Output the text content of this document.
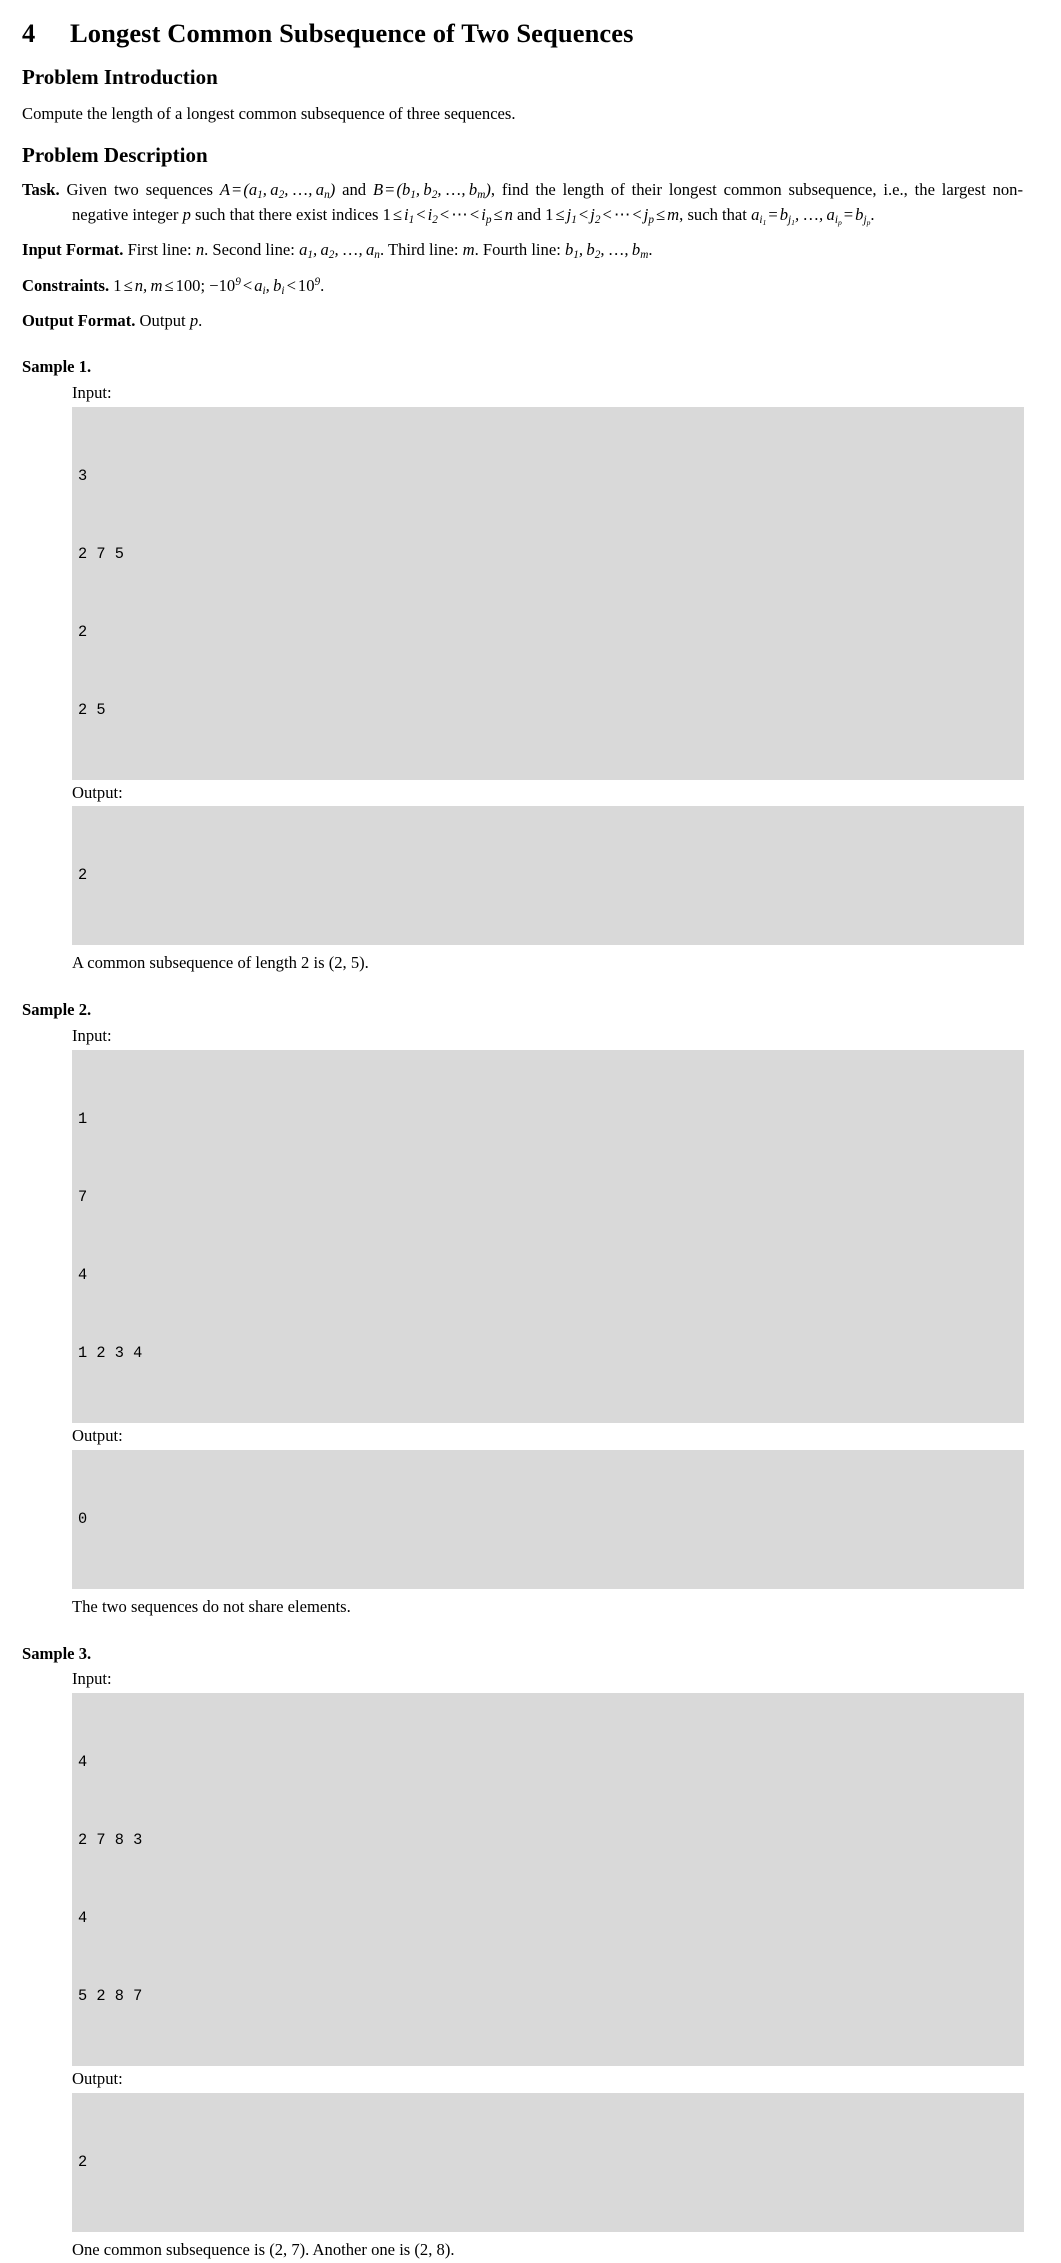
4	Longest Common Subsequence of Two Sequences
Problem Introduction

Compute the length of a longest common subsequence of three sequences.

Problem Description

Task. Given two sequences $A = (a_1$, $a_2$, …, $a_n$) and $B = (b_1$, $b_2$, …, $b_m$), find the length of their longest common subsequence, i.e., the largest non-negative integer p such that there exist indices $1 \le i_1 < i_2$ < ⋯ < $i_p \le n$ and $1 \le j_1 < j_2$ < ⋯ < $j_p \le m$, such that $a_{i_1} = b_{j_1}$, …, $a_{i_p} = b_{j_p}$.

Input Format. First line: n. Second line: $a_1$, $a_2$, …, $a_n$. Third line: m. Fourth line: $b_1$, $b_2$, …, $b_m$.

Constraints. 1 ≤ n, m ≤ 100; $-10^9 < a_i$, $b_i < 10^9$.

Output Format. Output p.

Sample 1.
Input:

3

2 7 5

2

2 5

Output:

2

A common subsequence of length 2 is (2, 5).
Sample 2.
Input:

1

7

4

1 2 3 4

Output:

0

The two sequences do not share elements.
Sample 3.
Input:

4

2 7 8 3

4

5 2 8 7

Output:

2

One common subsequence is (2, 7). Another one is (2, 8).
